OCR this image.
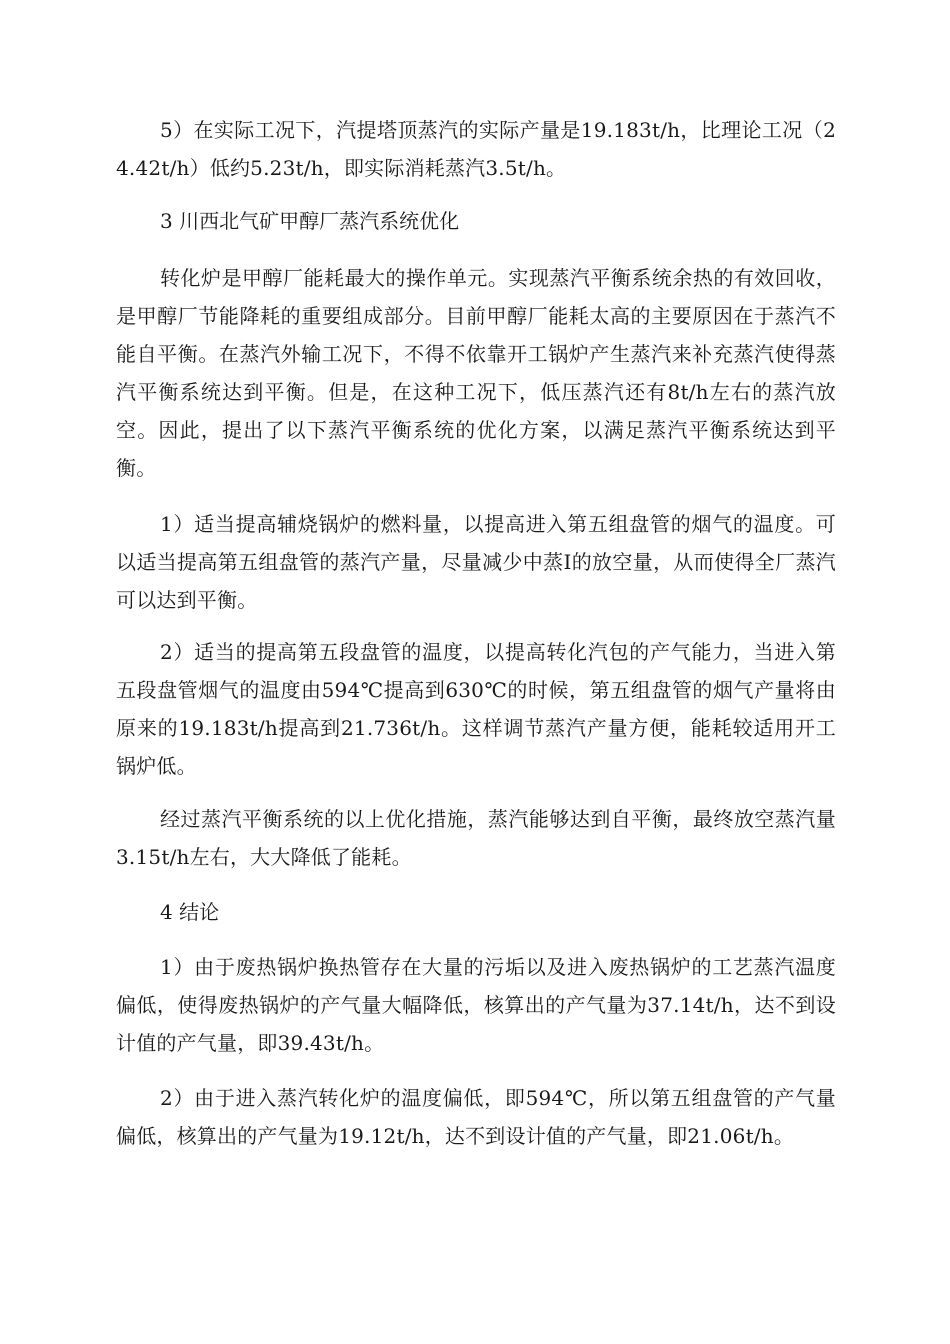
5）在实际工况下，汽提塔顶蒸汽的实际产量是19.183t/h，比理论工况（24.42t/h）低约5.23t/h，即实际消耗蒸汽3.5t/h。

3 川西北气矿甲醇厂蒸汽系统优化

转化炉是甲醇厂能耗最大的操作单元。实现蒸汽平衡系统余热的有效回收，是甲醇厂节能降耗的重要组成部分。目前甲醇厂能耗太高的主要原因在于蒸汽不能自平衡。在蒸汽外输工况下，不得不依靠开工锅炉产生蒸汽来补充蒸汽使得蒸汽平衡系统达到平衡。但是，在这种工况下，低压蒸汽还有8t/h左右的蒸汽放空。因此，提出了以下蒸汽平衡系统的优化方案，以满足蒸汽平衡系统达到平衡。

1）适当提高辅烧锅炉的燃料量，以提高进入第五组盘管的烟气的温度。可以适当提高第五组盘管的蒸汽产量，尽量减少中蒸Ⅰ的放空量，从而使得全厂蒸汽可以达到平衡。

2）适当的提高第五段盘管的温度，以提高转化汽包的产气能力，当进入第五段盘管烟气的温度由594℃提高到630℃的时候，第五组盘管的烟气产量将由原来的19.183t/h提高到21.736t/h。这样调节蒸汽产量方便，能耗较适用开工锅炉低。

经过蒸汽平衡系统的以上优化措施，蒸汽能够达到自平衡，最终放空蒸汽量3.15t/h左右，大大降低了能耗。

4 结论

1）由于废热锅炉换热管存在大量的污垢以及进入废热锅炉的工艺蒸汽温度偏低，使得废热锅炉的产气量大幅降低，核算出的产气量为37.14t/h，达不到设计值的产气量，即39.43t/h。

2）由于进入蒸汽转化炉的温度偏低，即594℃，所以第五组盘管的产气量偏低，核算出的产气量为19.12t/h，达不到设计值的产气量，即21.06t/h。
